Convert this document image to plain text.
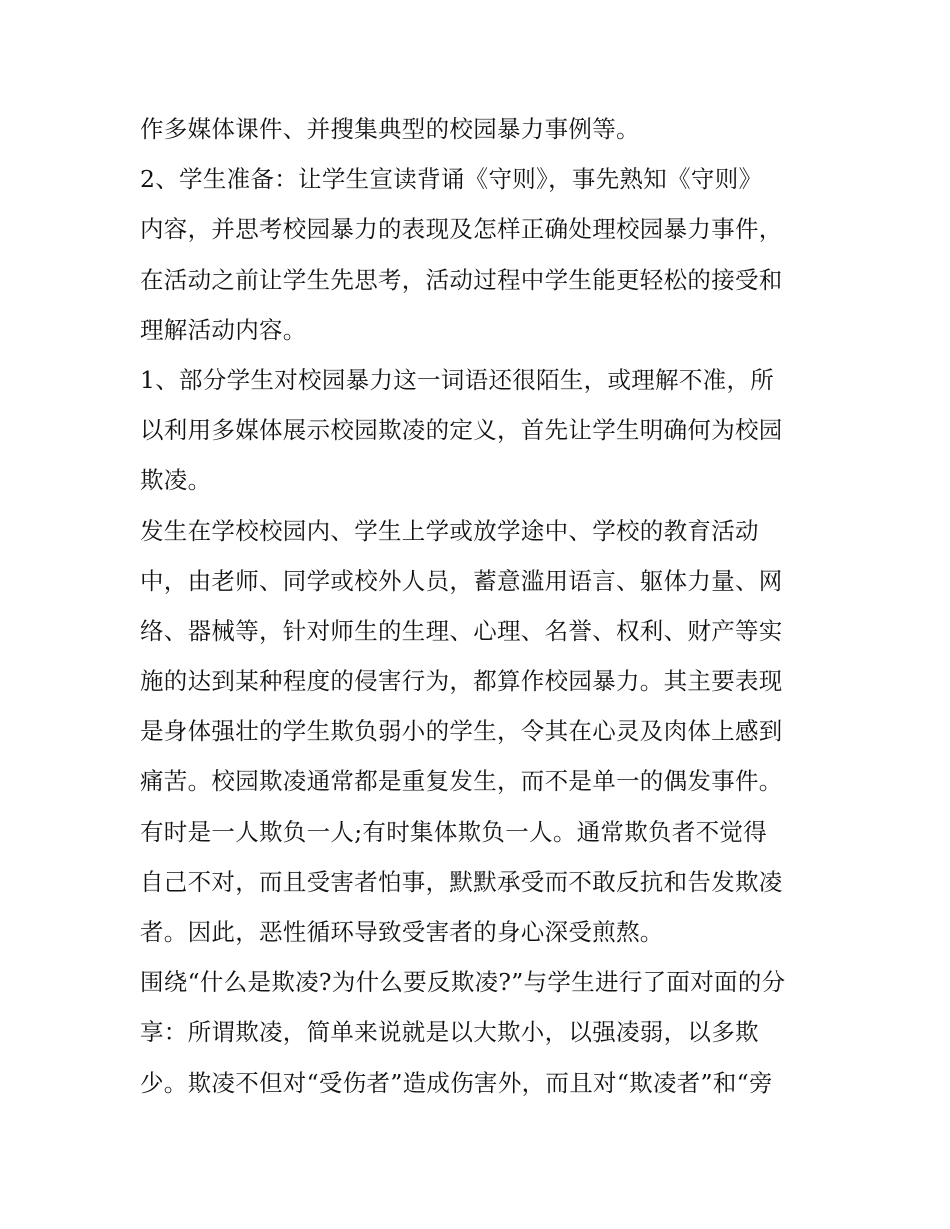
作多媒体课件、并搜集典型的校园暴力事例等。
2、学生准备：让学生宣读背诵《守则》，事先熟知《守则》
内容，并思考校园暴力的表现及怎样正确处理校园暴力事件，
在活动之前让学生先思考，活动过程中学生能更轻松的接受和
理解活动内容。
1、部分学生对校园暴力这一词语还很陌生，或理解不准，所
以利用多媒体展示校园欺凌的定义，首先让学生明确何为校园
欺凌。
发生在学校校园内、学生上学或放学途中、学校的教育活动
中，由老师、同学或校外人员，蓄意滥用语言、躯体力量、网
络、器械等，针对师生的生理、心理、名誉、权利、财产等实
施的达到某种程度的侵害行为，都算作校园暴力。其主要表现
是身体强壮的学生欺负弱小的学生，令其在心灵及肉体上感到
痛苦。校园欺凌通常都是重复发生，而不是单一的偶发事件。
有时是一人欺负一人;有时集体欺负一人。通常欺负者不觉得
自己不对，而且受害者怕事，默默承受而不敢反抗和告发欺凌
者。因此，恶性循环导致受害者的身心深受煎熬。
围绕“什么是欺凌?为什么要反欺凌?”与学生进行了面对面的分
享：所谓欺凌，简单来说就是以大欺小，以强凌弱，以多欺
少。欺凌不但对“受伤者”造成伤害外，而且对“欺凌者”和“旁
